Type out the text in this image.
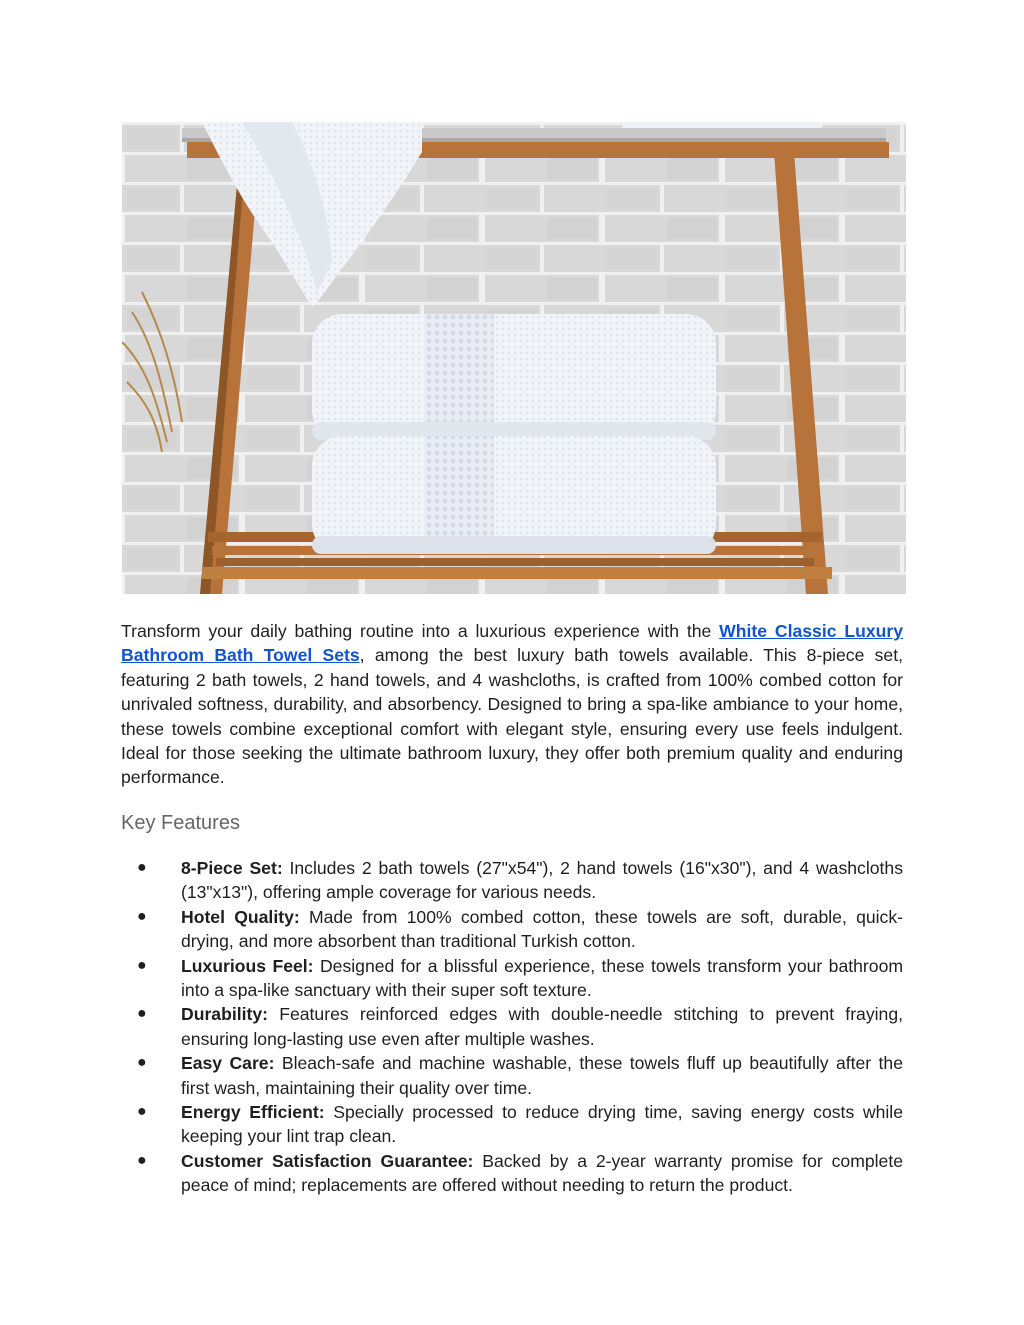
Transform your daily bathing routine into a luxurious experience with the White Classic Luxury Bathroom Bath Towel Sets, among the best luxury bath towels available. This 8-piece set, featuring 2 bath towels, 2 hand towels, and 4 washcloths, is crafted from 100% combed cotton for unrivaled softness, durability, and absorbency. Designed to bring a spa-like ambiance to your home, these towels combine exceptional comfort with elegant style, ensuring every use feels indulgent. Ideal for those seeking the ultimate bathroom luxury, they offer both premium quality and enduring performance.

Key Features
● 8-Piece Set: Includes 2 bath towels (27"x54"), 2 hand towels (16"x30"), and 4 washcloths (13"x13"), offering ample coverage for various needs.
● Hotel Quality: Made from 100% combed cotton, these towels are soft, durable, quick-drying, and more absorbent than traditional Turkish cotton.
● Luxurious Feel: Designed for a blissful experience, these towels transform your bathroom into a spa-like sanctuary with their super soft texture.
● Durability: Features reinforced edges with double-needle stitching to prevent fraying, ensuring long-lasting use even after multiple washes.
● Easy Care: Bleach-safe and machine washable, these towels fluff up beautifully after the first wash, maintaining their quality over time.
● Energy Efficient: Specially processed to reduce drying time, saving energy costs while keeping your lint trap clean.
● Customer Satisfaction Guarantee: Backed by a 2-year warranty promise for complete peace of mind; replacements are offered without needing to return the product.
